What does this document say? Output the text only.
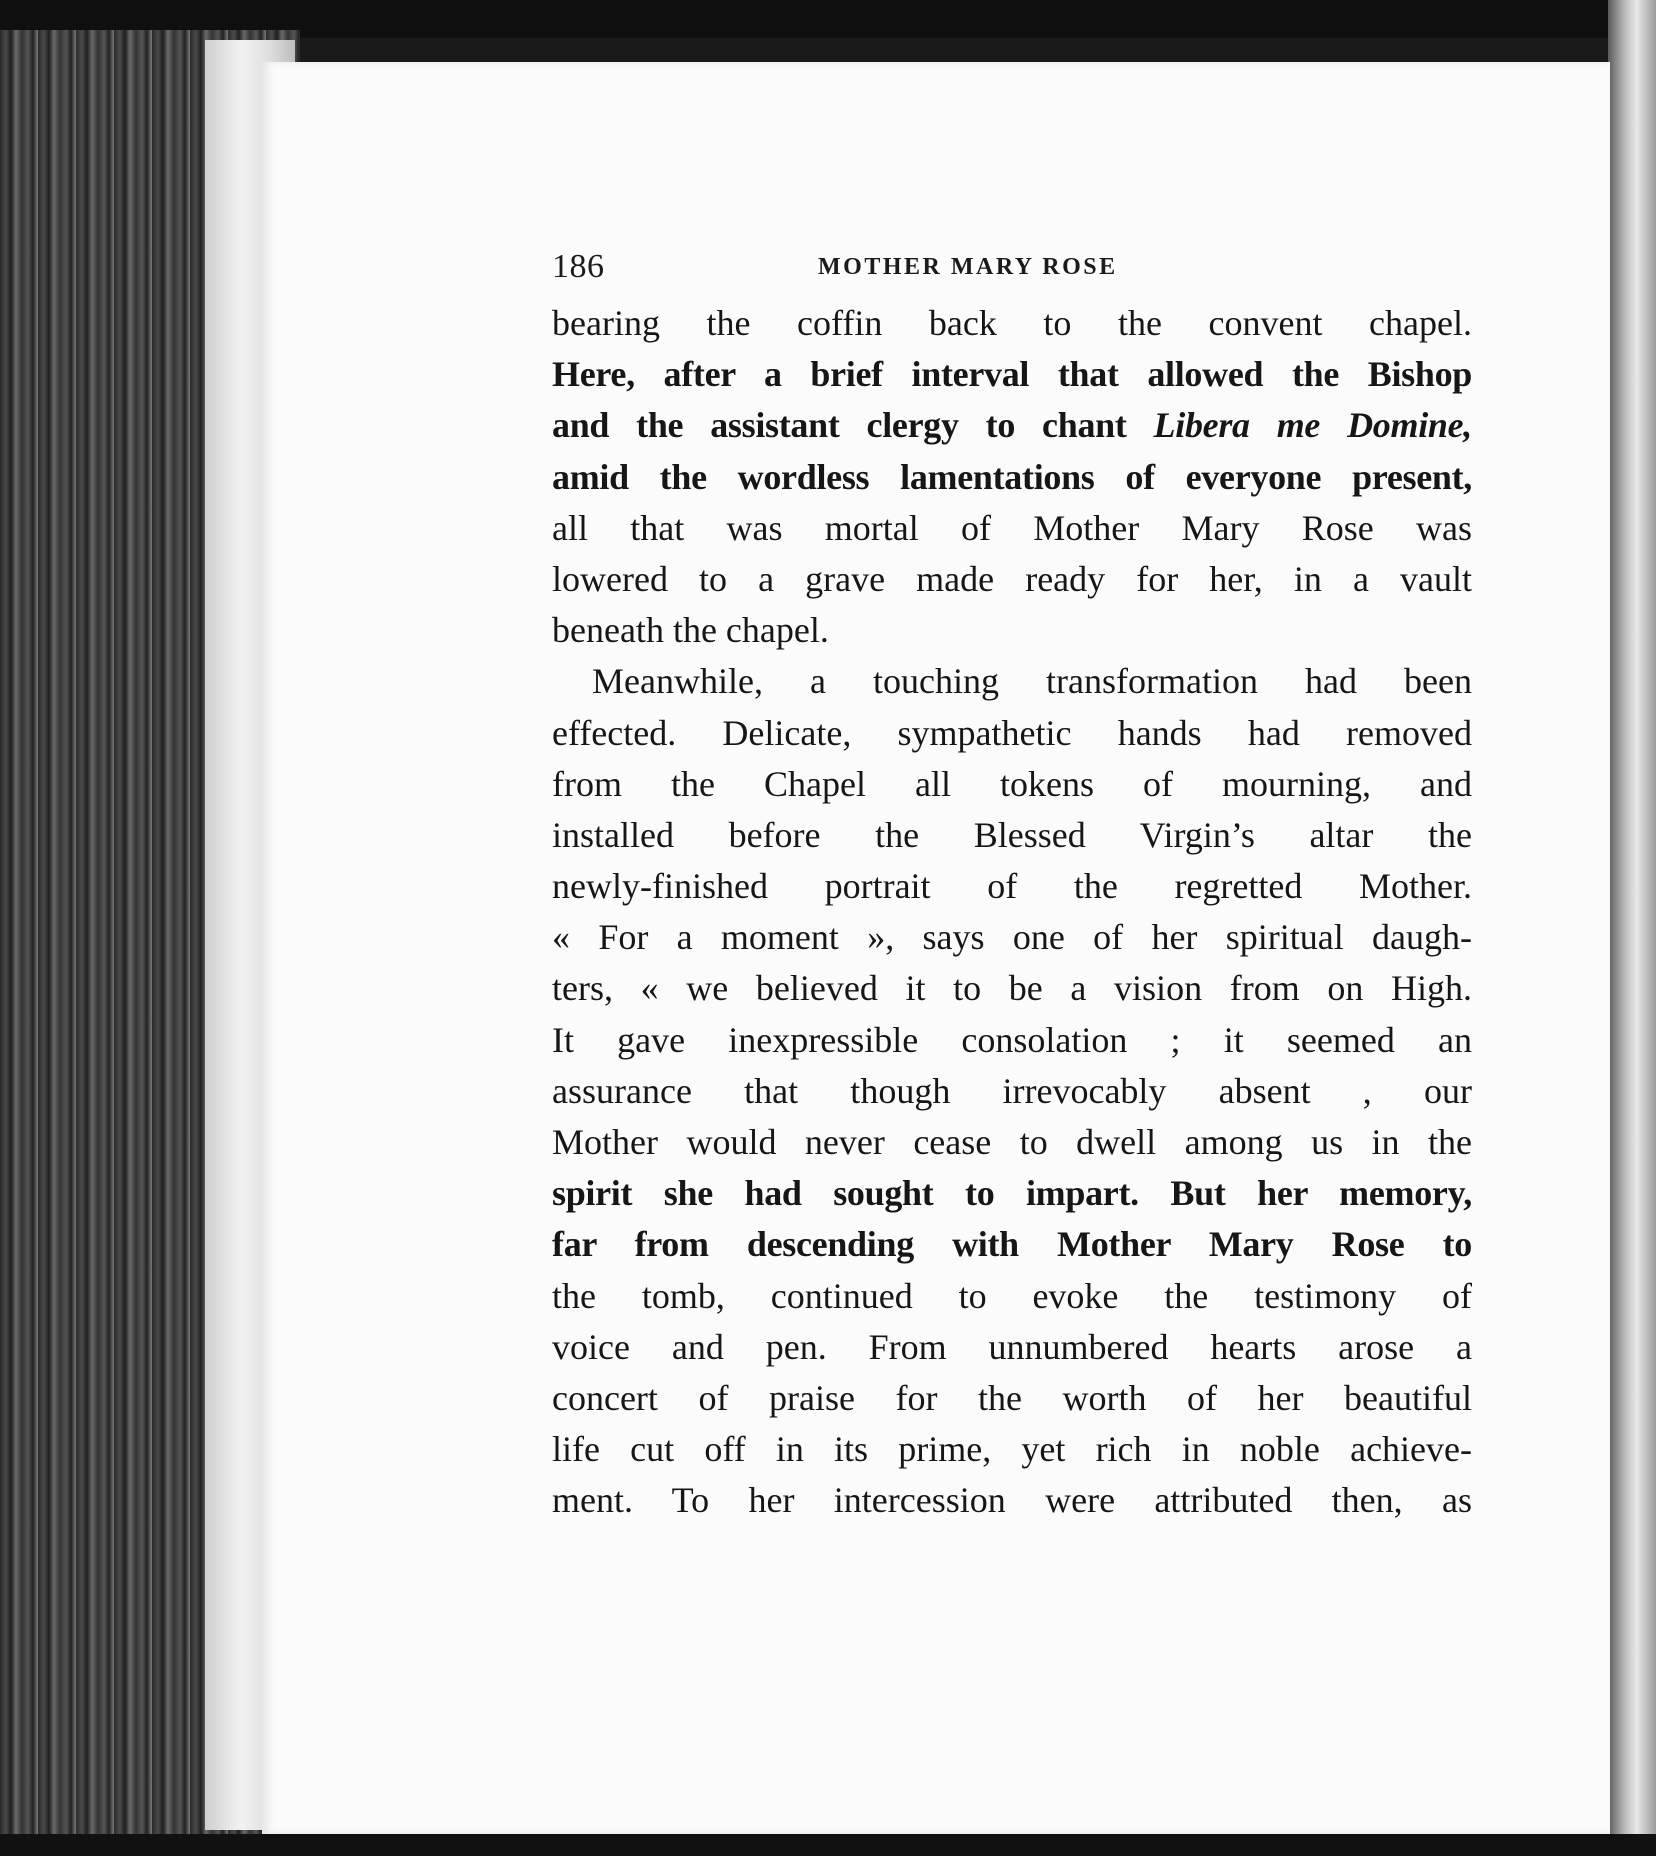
186	MOTHER MARY ROSE
bearing the coffin back to the convent chapel.
Here, after a brief interval that allowed the Bishop
and the assistant clergy to chant Libera me Domine,
amid the wordless lamentations of everyone present,
all that was mortal of Mother Mary Rose was
lowered to a grave made ready for her, in a vault
beneath the chapel.
Meanwhile, a touching transformation had been
effected. Delicate, sympathetic hands had removed
from the Chapel all tokens of mourning, and
installed before the Blessed Virgin’s altar the
newly-finished portrait of the regretted Mother.
« For a moment », says one of her spiritual daugh-
ters, « we believed it to be a vision from on High.
It gave inexpressible consolation ; it seemed an
assurance that though irrevocably absent , our
Mother would never cease to dwell among us in the
spirit she had sought to impart. But her memory,
far from descending with Mother Mary Rose to
the tomb, continued to evoke the testimony of
voice and pen. From unnumbered hearts arose a
concert of praise for the worth of her beautiful
life cut off in its prime, yet rich in noble achieve-
ment. To her intercession were attributed then, as
